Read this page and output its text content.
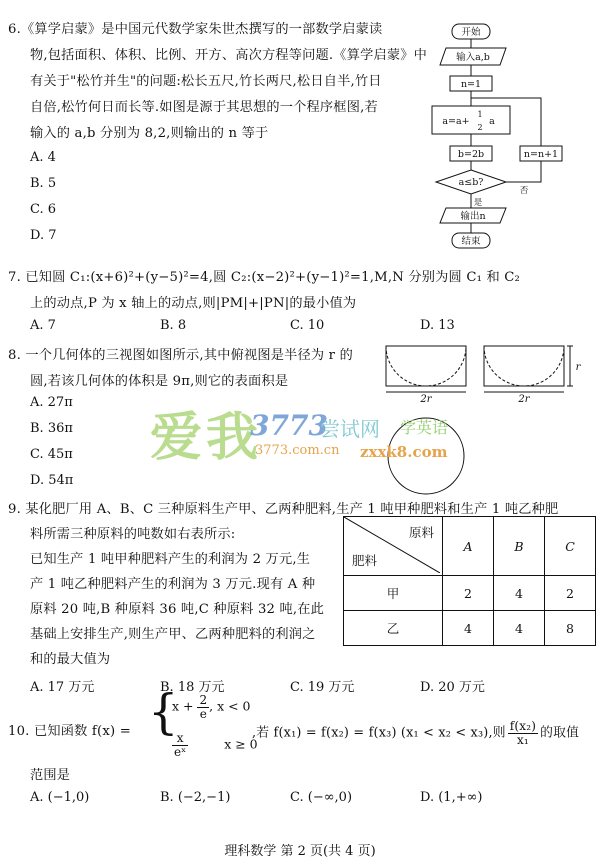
6.《算学启蒙》是中国元代数学家朱世杰撰写的一部数学启蒙读
物,包括面积、体积、比例、开方、高次方程等问题.《算学启蒙》中
有关于"松竹并生"的问题:松长五尺,竹长两尺,松日自半,竹日
自倍,松竹何日而长等.如图是源于其思想的一个程序框图,若
输入的 a,b 分别为 8,2,则输出的 n 等于
A. 4
B. 5
C. 6
D. 7
开始
输入a,b
n=1
a=a+
1
2
a
b=2b
a≤b?
是
否
输出n
结束
n=n+1
7. 已知圆 C₁:(x+6)²+(y−5)²=4,圆 C₂:(x−2)²+(y−1)²=1,M,N 分别为圆 C₁ 和 C₂
上的动点,P 为 x 轴上的动点,则|PM|+|PN|的最小值为
A. 7	B. 8	C. 10	D. 13
8. 一个几何体的三视图如图所示,其中俯视图是半径为 r 的
圆,若该几何体的体积是 9π,则它的表面积是
A. 27π
B. 36π
C. 45π
D. 54π
r
2r	2r
爱我
3773
尝试网 学英语
3773.com.cn zxxk8.com
9. 某化肥厂用 A、B、C 三种原料生产甲、乙两种肥料,生产 1 吨甲种肥料和生产 1 吨乙种肥
料所需三种原料的吨数如右表所示:
已知生产 1 吨甲种肥料产生的利润为 2 万元,生
产 1 吨乙种肥料产生的利润为 3 万元.现有 A 种
原料 20 吨,B 种原料 36 吨,C 种原料 32 吨,在此
基础上安排生产,则生产甲、乙两种肥料的利润之
和的最大值为
A. 17 万元	B. 18 万元	C. 19 万元	D. 20 万元
原料
肥料	A	B	C
甲	2	4	2
乙	4	4	8
10. 已知函数 f(x) = {
$x + \frac{2}{e}$ , x < 0
$\frac{x}{\text{eˣ}}$	x ≥ 0
,若 f(x₁) = f(x₂) = f(x₃) (x₁ < x₂ < x₃),则 $\frac{\text{f(x₂)}}{\text{x₁}}$ 的取值
范围是
A. (−1,0)	B. (−2,−1)	C. (−∞,0)	D. (1,+∞)
理科数学 第 2 页(共 4 页)
